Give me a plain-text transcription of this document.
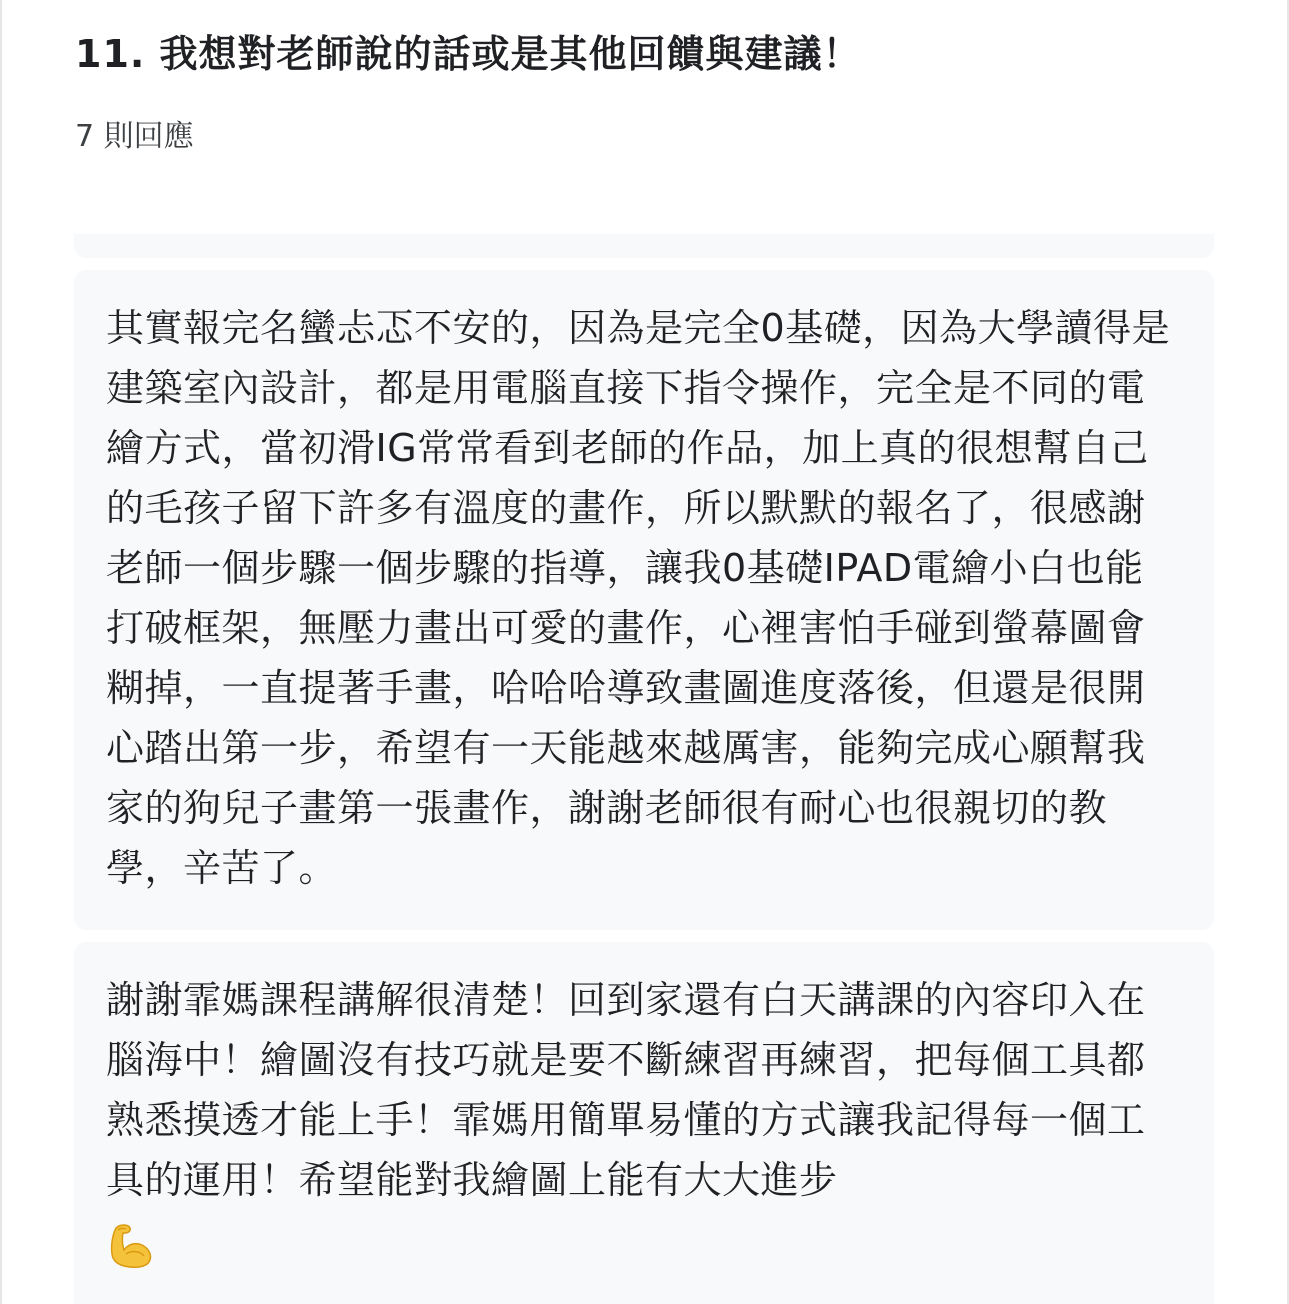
11. 我想對老師說的話或是其他回饋與建議！
7 則回應

其實報完名蠻忐忑不安的，因為是完全0基礎，因為大學讀得是建築室內設計，都是用電腦直接下指令操作，完全是不同的電繪方式，當初滑IG常常看到老師的作品，加上真的很想幫自己的毛孩子留下許多有溫度的畫作，所以默默的報名了，很感謝老師一個步驟一個步驟的指導，讓我0基礎IPAD電繪小白也能打破框架，無壓力畫出可愛的畫作，心裡害怕手碰到螢幕圖會糊掉，一直提著手畫，哈哈哈導致畫圖進度落後，但還是很開心踏出第一步，希望有一天能越來越厲害，能夠完成心願幫我家的狗兒子畫第一張畫作，謝謝老師很有耐心也很親切的教學，辛苦了。

謝謝霏媽課程講解很清楚！回到家還有白天講課的內容印入在腦海中！繪圖沒有技巧就是要不斷練習再練習，把每個工具都熟悉摸透才能上手！霏媽用簡單易懂的方式讓我記得每一個工具的運用！希望能對我繪圖上能有大大進步
